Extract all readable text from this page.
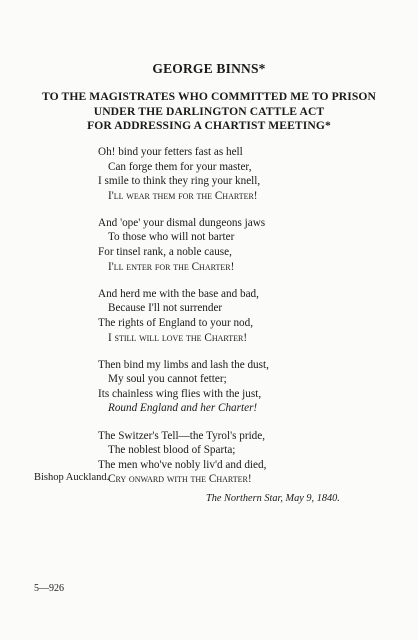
GEORGE BINNS*
TO THE MAGISTRATES WHO COMMITTED ME TO PRISON
UNDER THE DARLINGTON CATTLE ACT
FOR ADDRESSING A CHARTIST MEETING*
Oh! bind your fetters fast as hell
Can forge them for your master,
I smile to think they ring your knell,
I'll wear them for the Charter!
And 'ope' your dismal dungeons jaws
To those who will not barter
For tinsel rank, a noble cause,
I'll enter for the Charter!
And herd me with the base and bad,
Because I'll not surrender
The rights of England to your nod,
I still will love the Charter!
Then bind my limbs and lash the dust,
My soul you cannot fetter;
Its chainless wing flies with the just,
Round England and her Charter!
The Switzer's Tell—the Tyrol's pride,
The noblest blood of Sparta;
The men who've nobly liv'd and died,
Cry onward with the Charter!
Bishop Auckland.
The Northern Star, May 9, 1840.
5—926
